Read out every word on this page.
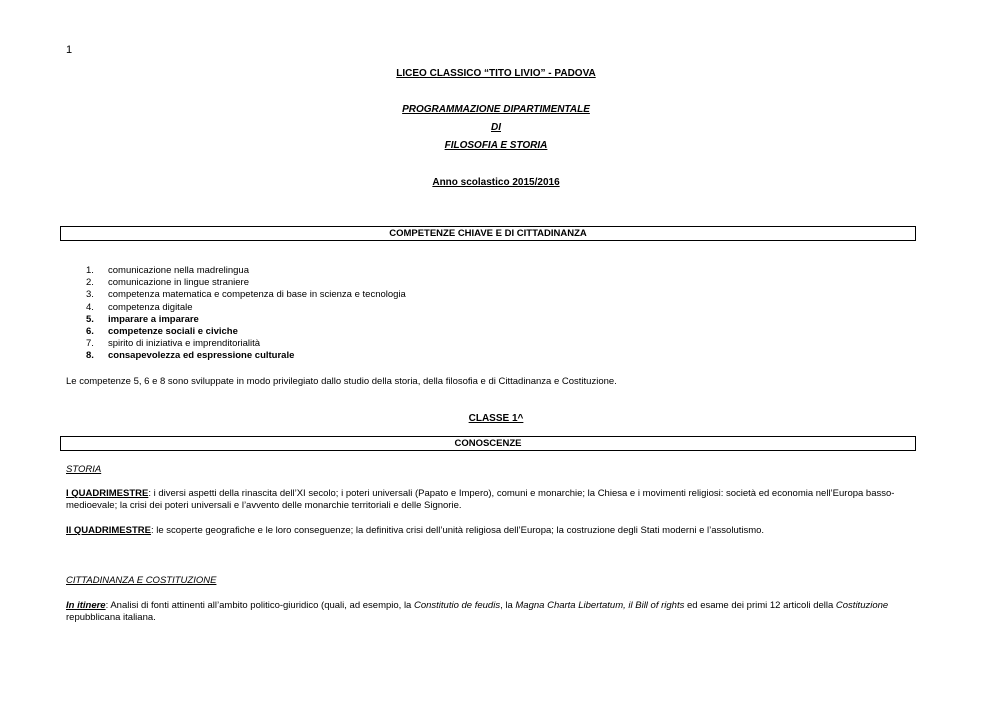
1
LICEO CLASSICO “TITO LIVIO” - PADOVA
PROGRAMMAZIONE DIPARTIMENTALE
DI
FILOSOFIA E STORIA
Anno scolastico 2015/2016
COMPETENZE CHIAVE E DI CITTADINANZA
1.	comunicazione nella madrelingua
2.	comunicazione in lingue straniere
3.	competenza matematica e competenza di base in scienza e tecnologia
4.	competenza digitale
5.	imparare a imparare
6.	competenze sociali e civiche
7.	spirito di iniziativa e imprenditorialità
8.	consapevolezza ed espressione culturale
Le competenze 5, 6 e 8 sono sviluppate in modo privilegiato dallo studio della storia, della filosofia e di Cittadinanza e Costituzione.
CLASSE 1^
CONOSCENZE
STORIA
I QUADRIMESTRE: i diversi aspetti della rinascita dell’XI secolo; i poteri universali (Papato e Impero), comuni e monarchie; la Chiesa e i movimenti religiosi: società ed economia nell’Europa basso-medioevale; la crisi dei poteri universali e l’avvento delle monarchie territoriali e delle Signorie.
II QUADRIMESTRE: le scoperte geografiche e le loro conseguenze; la definitiva crisi dell’unità religiosa dell’Europa; la costruzione degli Stati moderni e l’assolutismo.
CITTADINANZA E COSTITUZIONE
In itinere: Analisi di fonti attinenti all’ambito politico-giuridico (quali, ad esempio, la Constitutio de feudis, la Magna Charta Libertatum, il Bill of rights ed esame dei primi 12 articoli della Costituzione repubblicana italiana.
